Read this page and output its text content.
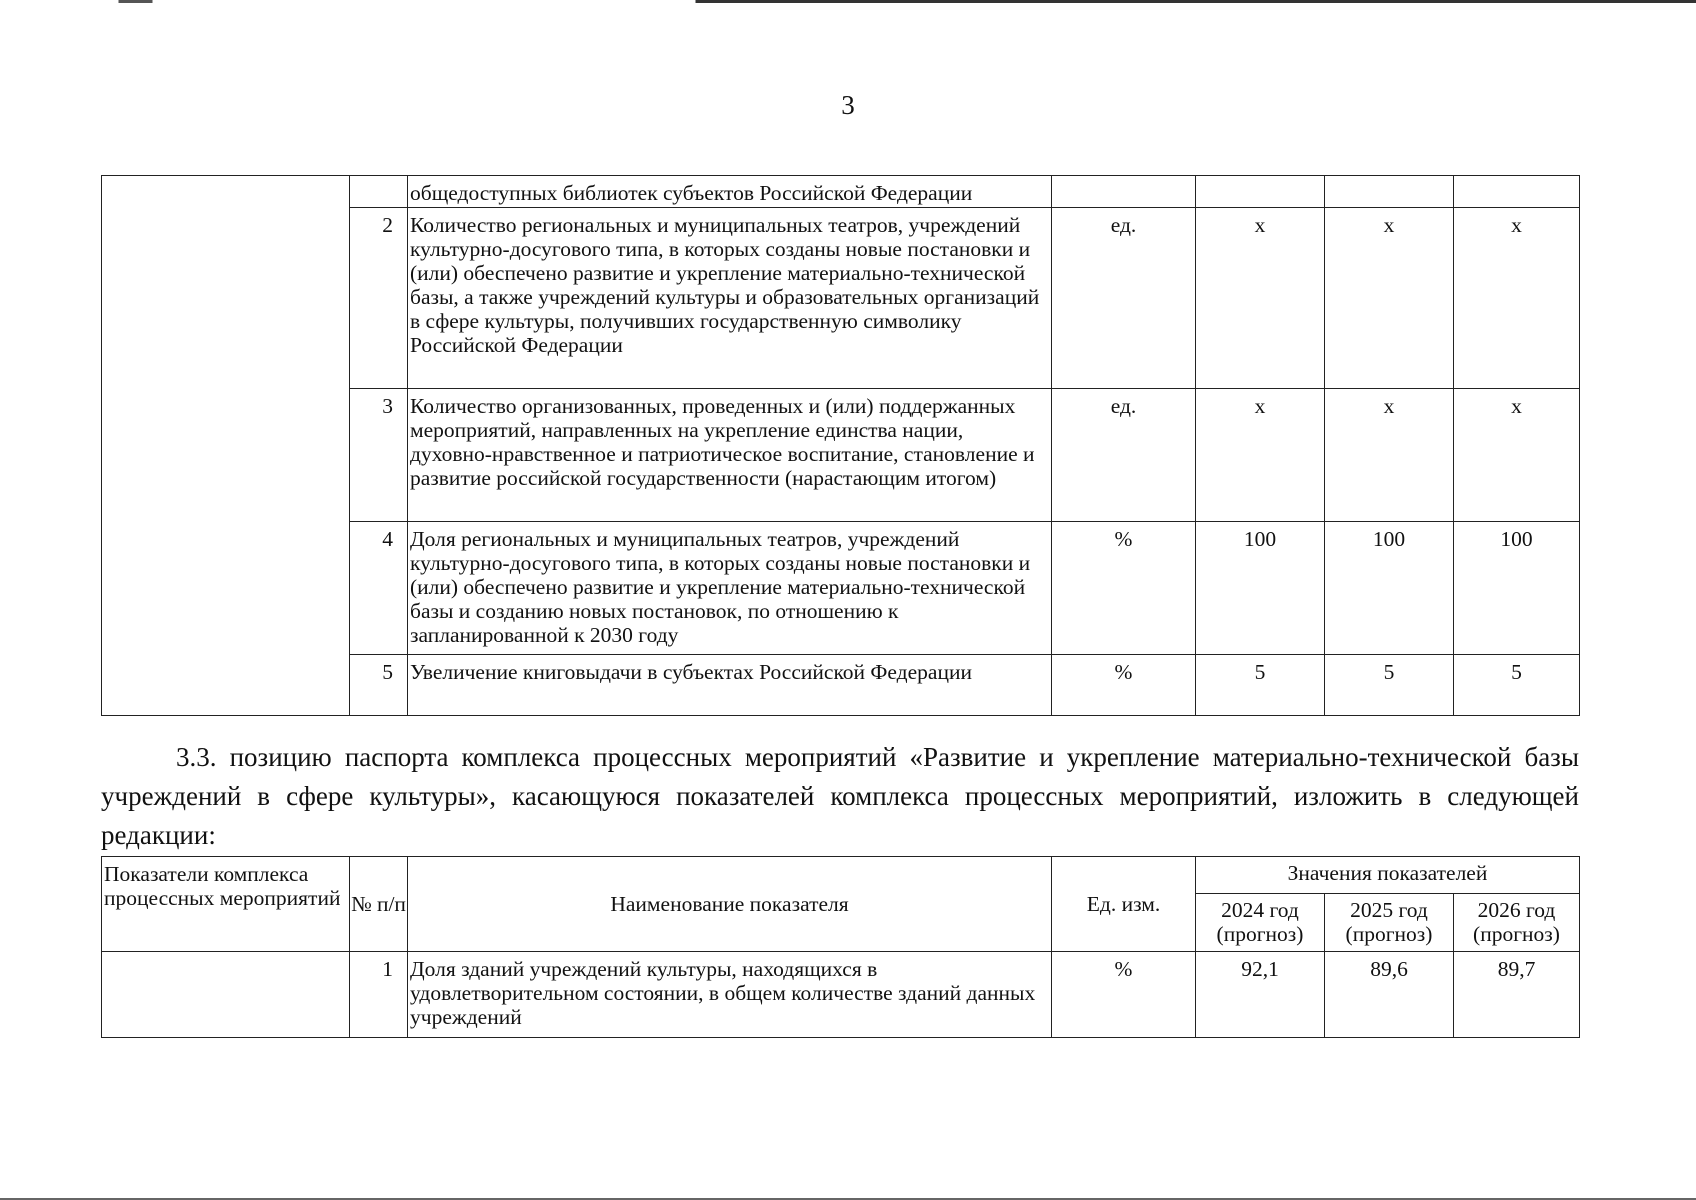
3
		общедоступных библиотек субъектов Российской Федерации				
	2	Количество региональных и муниципальных театров, учреждений культурно-досугового типа, в которых созданы новые постановки и (или) обеспечено развитие и укрепление материально-технической базы, а также учреждений культуры и образовательных организаций в сфере культуры, получивших государственную символику Российской Федерации	ед.	х	х	х
	3	Количество организованных, проведенных и (или) поддержанных мероприятий, направленных на укрепление единства нации, духовно-нравственное и патриотическое воспитание, становление и развитие российской государственности (нарастающим итогом)	ед.	х	х	х
	4	Доля региональных и муниципальных театров, учреждений культурно-досугового типа, в которых созданы новые постановки и (или) обеспечено развитие и укрепление материально-технической базы и созданию новых постановок, по отношению к запланированной к 2030 году	%	100	100	100
	5	Увеличение книговыдачи в субъектах Российской Федерации	%	5	5	5

3.3. позицию паспорта комплекса процессных мероприятий «Развитие и укрепление материально-технической базы учреждений в сфере культуры», касающуюся показателей комплекса процессных мероприятий, изложить в следующей редакции:

Показатели комплекса процессных мероприятий	№ п/п	Наименование показателя	Ед. изм.	Значения показателей		
				2024 год (прогноз)	2025 год (прогноз)	2026 год (прогноз)
	1	Доля зданий учреждений культуры, находящихся в удовлетворительном состоянии, в общем количестве зданий данных учреждений	%	92,1	89,6	89,7
